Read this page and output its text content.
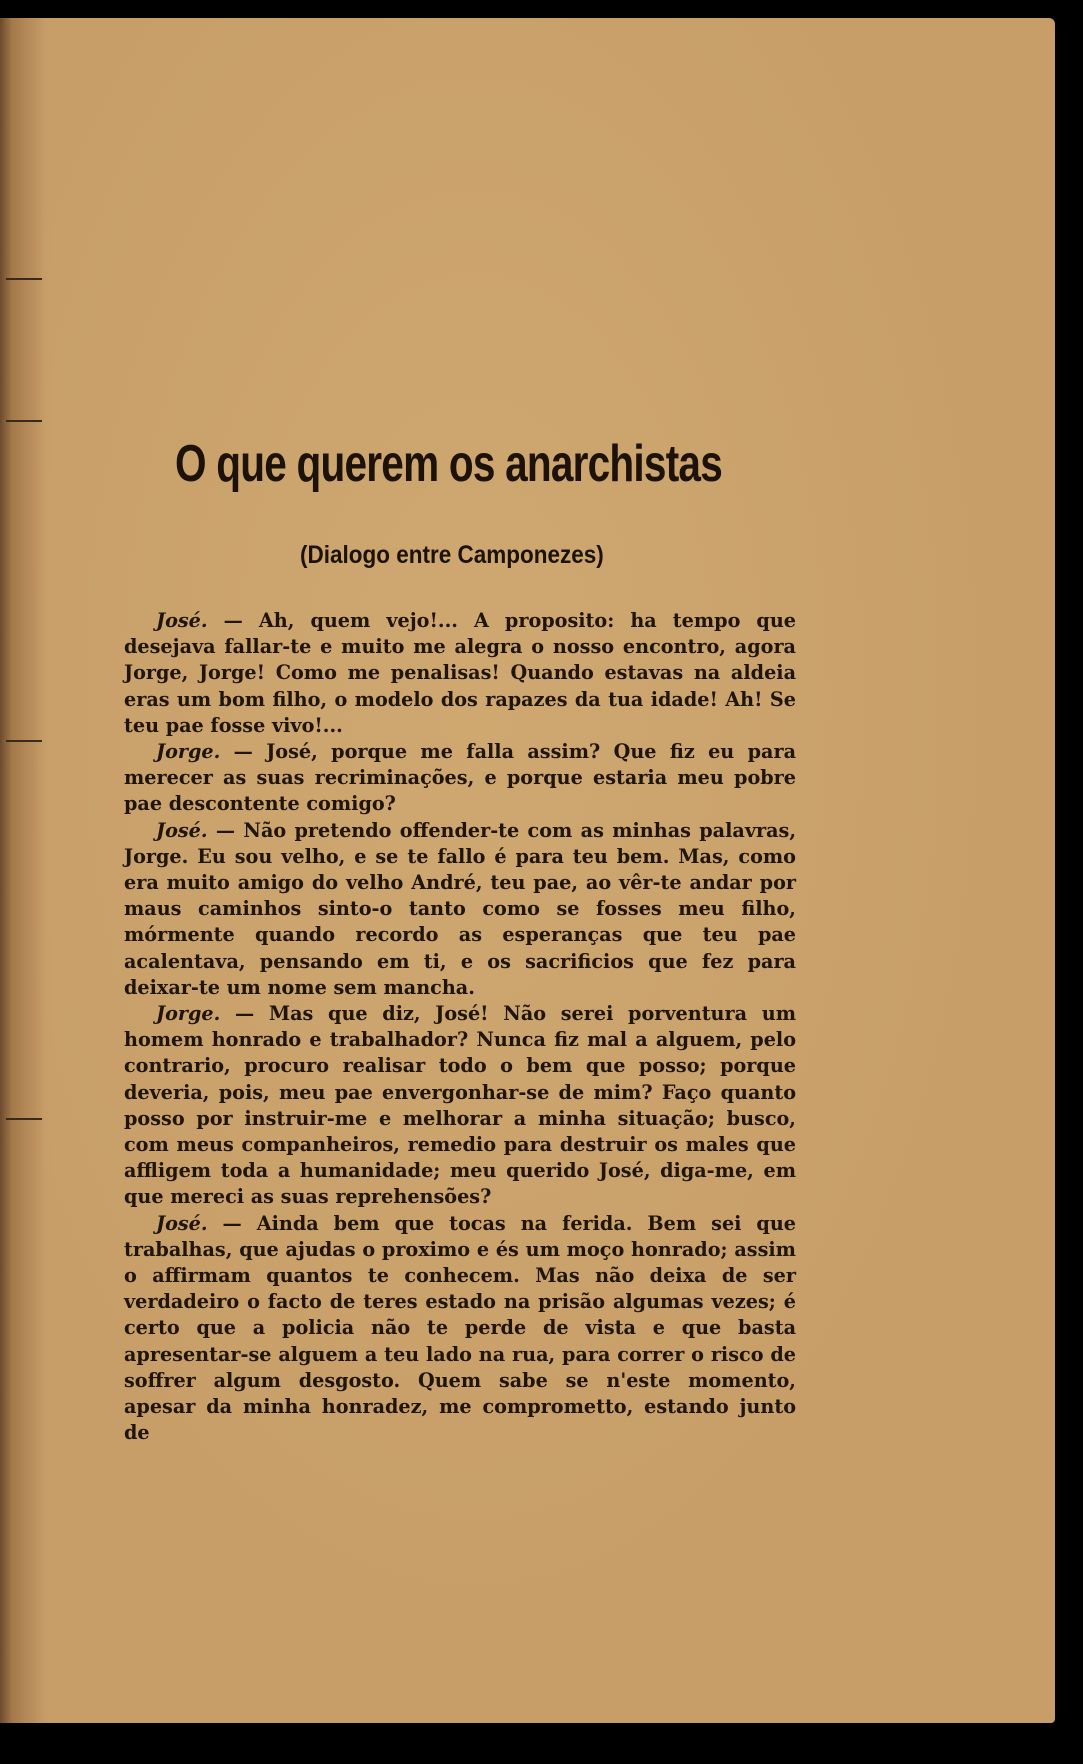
O que querem os anarchistas
(Dialogo entre Camponezes)

José. — Ah, quem vejo!... A proposito: ha tempo que desejava fallar-te e muito me alegra o nosso encontro, agora Jorge, Jorge! Como me penalisas! Quando estavas na aldeia eras um bom filho, o modelo dos rapazes da tua idade! Ah! Se teu pae fosse vivo!...

Jorge. — José, porque me falla assim? Que fiz eu para merecer as suas recriminações, e porque estaria meu pobre pae descontente comigo?

José. — Não pretendo offender-te com as minhas palavras, Jorge. Eu sou velho, e se te fallo é para teu bem. Mas, como era muito amigo do velho André, teu pae, ao vêr-te andar por maus caminhos sinto-o tanto como se fosses meu filho, mórmente quando recordo as esperanças que teu pae acalentava, pensando em ti, e os sacrificios que fez para deixar-te um nome sem mancha.

Jorge. — Mas que diz, José! Não serei porventura um homem honrado e trabalhador? Nunca fiz mal a alguem, pelo contrario, procuro realisar todo o bem que posso; porque deveria, pois, meu pae envergonhar-se de mim? Faço quanto posso por instruir-me e melhorar a minha situação; busco, com meus companheiros, remedio para destruir os males que affligem toda a humanidade; meu querido José, diga-me, em que mereci as suas reprehensões?

José. — Ainda bem que tocas na ferida. Bem sei que trabalhas, que ajudas o proximo e és um moço honrado; assim o affirmam quantos te conhecem. Mas não deixa de ser verdadeiro o facto de teres estado na prisão algumas vezes; é certo que a policia não te perde de vista e que basta apresentar-se alguem a teu lado na rua, para correr o risco de soffrer algum desgosto. Quem sabe se n'este momento, apesar da minha honradez, me comprometto, estando junto de
